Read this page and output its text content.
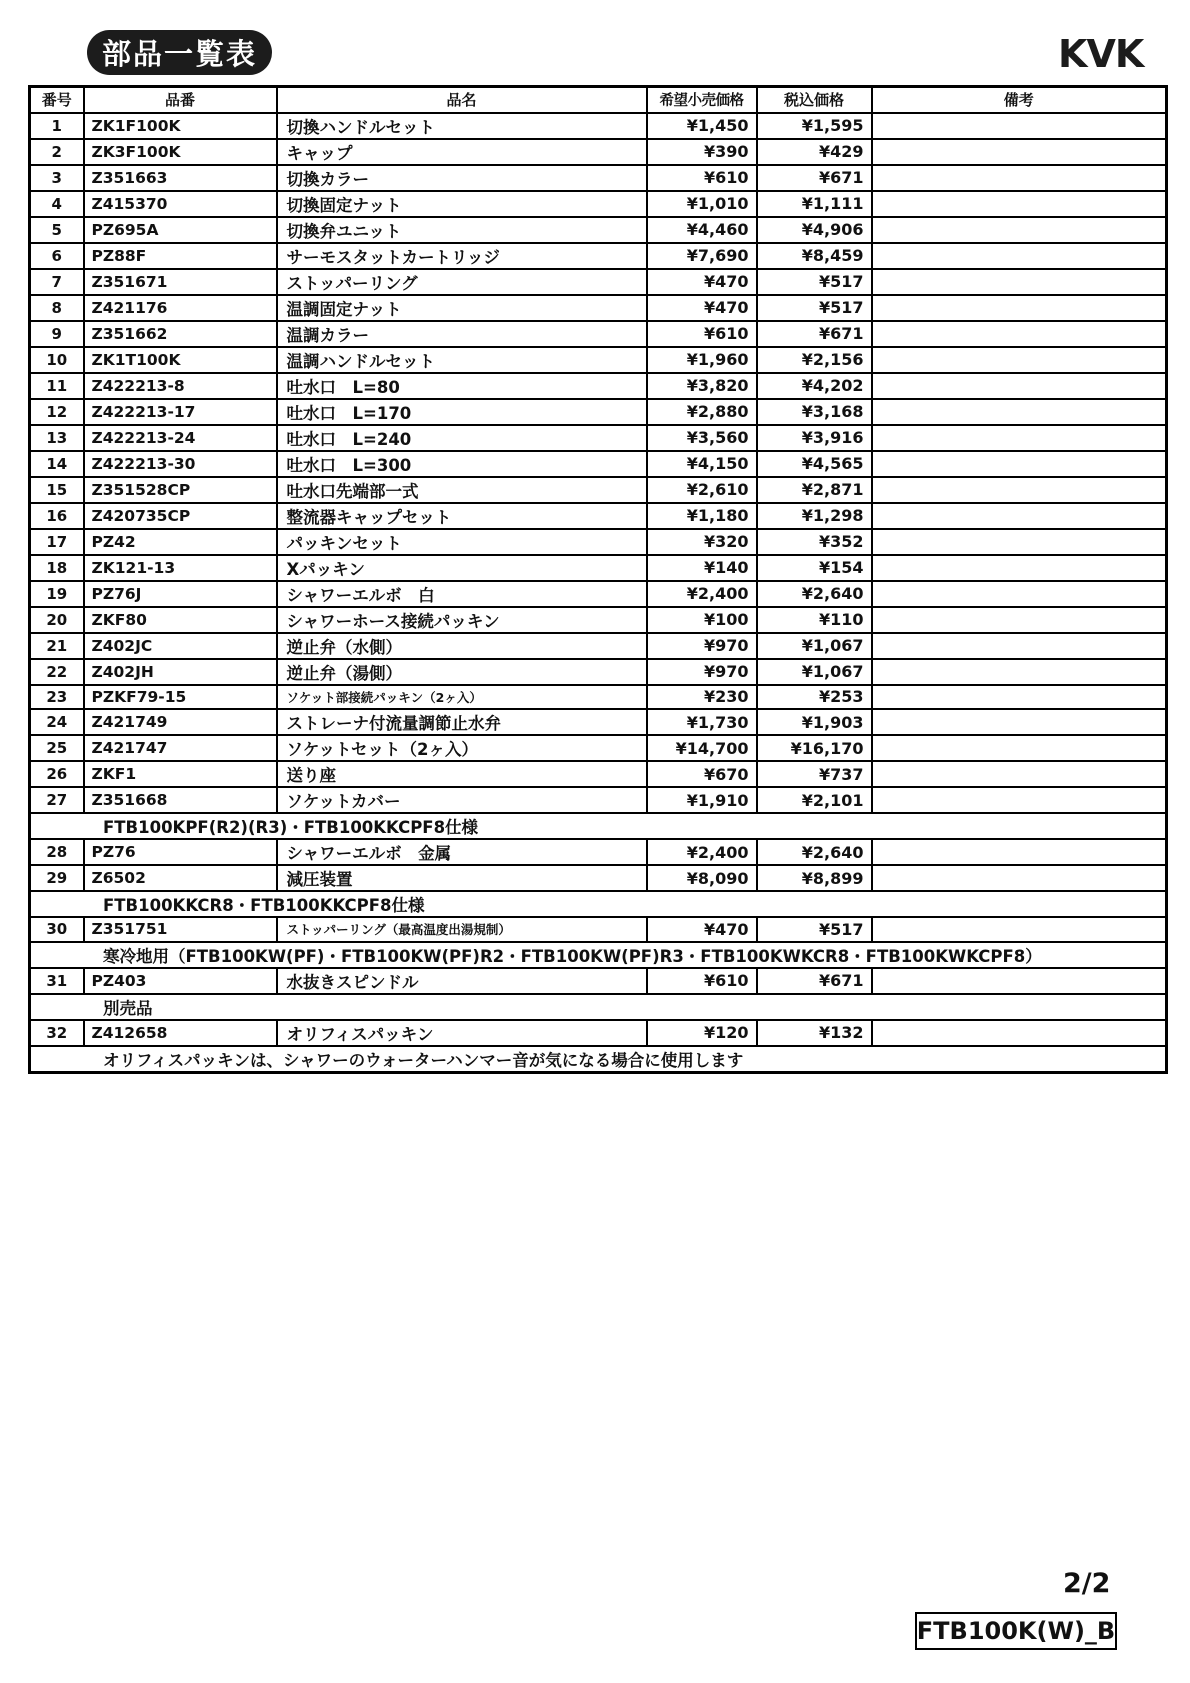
部品一覧表	KVK
番号	品番	品名	希望小売価格	税込価格	備考
1	ZK1F100K	切換ハンドルセット	¥1,450	¥1,595	
2	ZK3F100K	キャップ	¥390	¥429	
3	Z351663	切換カラー	¥610	¥671	
4	Z415370	切換固定ナット	¥1,010	¥1,111	
5	PZ695A	切換弁ユニット	¥4,460	¥4,906	
6	PZ88F	サーモスタットカートリッジ	¥7,690	¥8,459	
7	Z351671	ストッパーリング	¥470	¥517	
8	Z421176	温調固定ナット	¥470	¥517	
9	Z351662	温調カラー	¥610	¥671	
10	ZK1T100K	温調ハンドルセット	¥1,960	¥2,156	
11	Z422213-8	吐水口　L=80	¥3,820	¥4,202	
12	Z422213-17	吐水口　L=170	¥2,880	¥3,168	
13	Z422213-24	吐水口　L=240	¥3,560	¥3,916	
14	Z422213-30	吐水口　L=300	¥4,150	¥4,565	
15	Z351528CP	吐水口先端部一式	¥2,610	¥2,871	
16	Z420735CP	整流器キャップセット	¥1,180	¥1,298	
17	PZ42	パッキンセット	¥320	¥352	
18	ZK121-13	Xパッキン	¥140	¥154	
19	PZ76J	シャワーエルボ　白	¥2,400	¥2,640	
20	ZKF80	シャワーホース接続パッキン	¥100	¥110	
21	Z402JC	逆止弁（水側）	¥970	¥1,067	
22	Z402JH	逆止弁（湯側）	¥970	¥1,067	
23	PZKF79-15	ソケット部接続パッキン（2ヶ入）	¥230	¥253	
24	Z421749	ストレーナ付流量調節止水弁	¥1,730	¥1,903	
25	Z421747	ソケットセット（2ヶ入）	¥14,700	¥16,170	
26	ZKF1	送り座	¥670	¥737	
27	Z351668	ソケットカバー	¥1,910	¥2,101	
FTB100KPF(R2)(R3)・FTB100KKCPF8仕様					
28	PZ76	シャワーエルボ　金属	¥2,400	¥2,640	
29	Z6502	減圧装置	¥8,090	¥8,899	
FTB100KKCR8・FTB100KKCPF8仕様					
30	Z351751	ストッパーリング（最高温度出湯規制）	¥470	¥517	
寒冷地用（FTB100KW(PF)・FTB100KW(PF)R2・FTB100KW(PF)R3・FTB100KWKCR8・FTB100KWKCPF8）					
31	PZ403	水抜きスピンドル	¥610	¥671	
別売品					
32	Z412658	オリフィスパッキン	¥120	¥132	
オリフィスパッキンは、シャワーのウォーターハンマー音が気になる場合に使用します					
2/2
FTB100K(W)_B
